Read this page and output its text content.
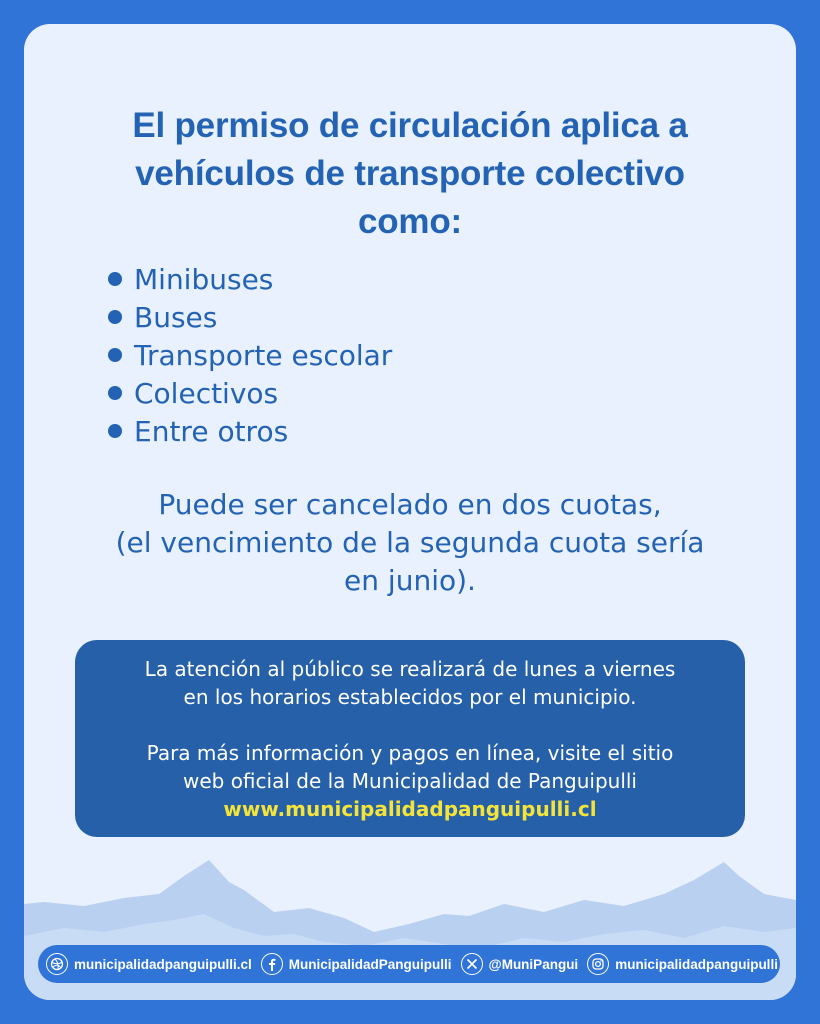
El permiso de circulación aplica a
vehículos de transporte colectivo
como:
Minibuses
Buses
Transporte escolar
Colectivos
Entre otros
Puede ser cancelado en dos cuotas,
(el vencimiento de la segunda cuota sería
en junio).
La atención al público se realizará de lunes a viernes
en los horarios establecidos por el municipio.
Para más información y pagos en línea, visite el sitio
web oficial de la Municipalidad de Panguipulli
www.municipalidadpanguipulli.cl
municipalidadpanguipulli.cl	MunicipalidadPanguipulli	@MuniPangui	municipalidadpanguipulli
